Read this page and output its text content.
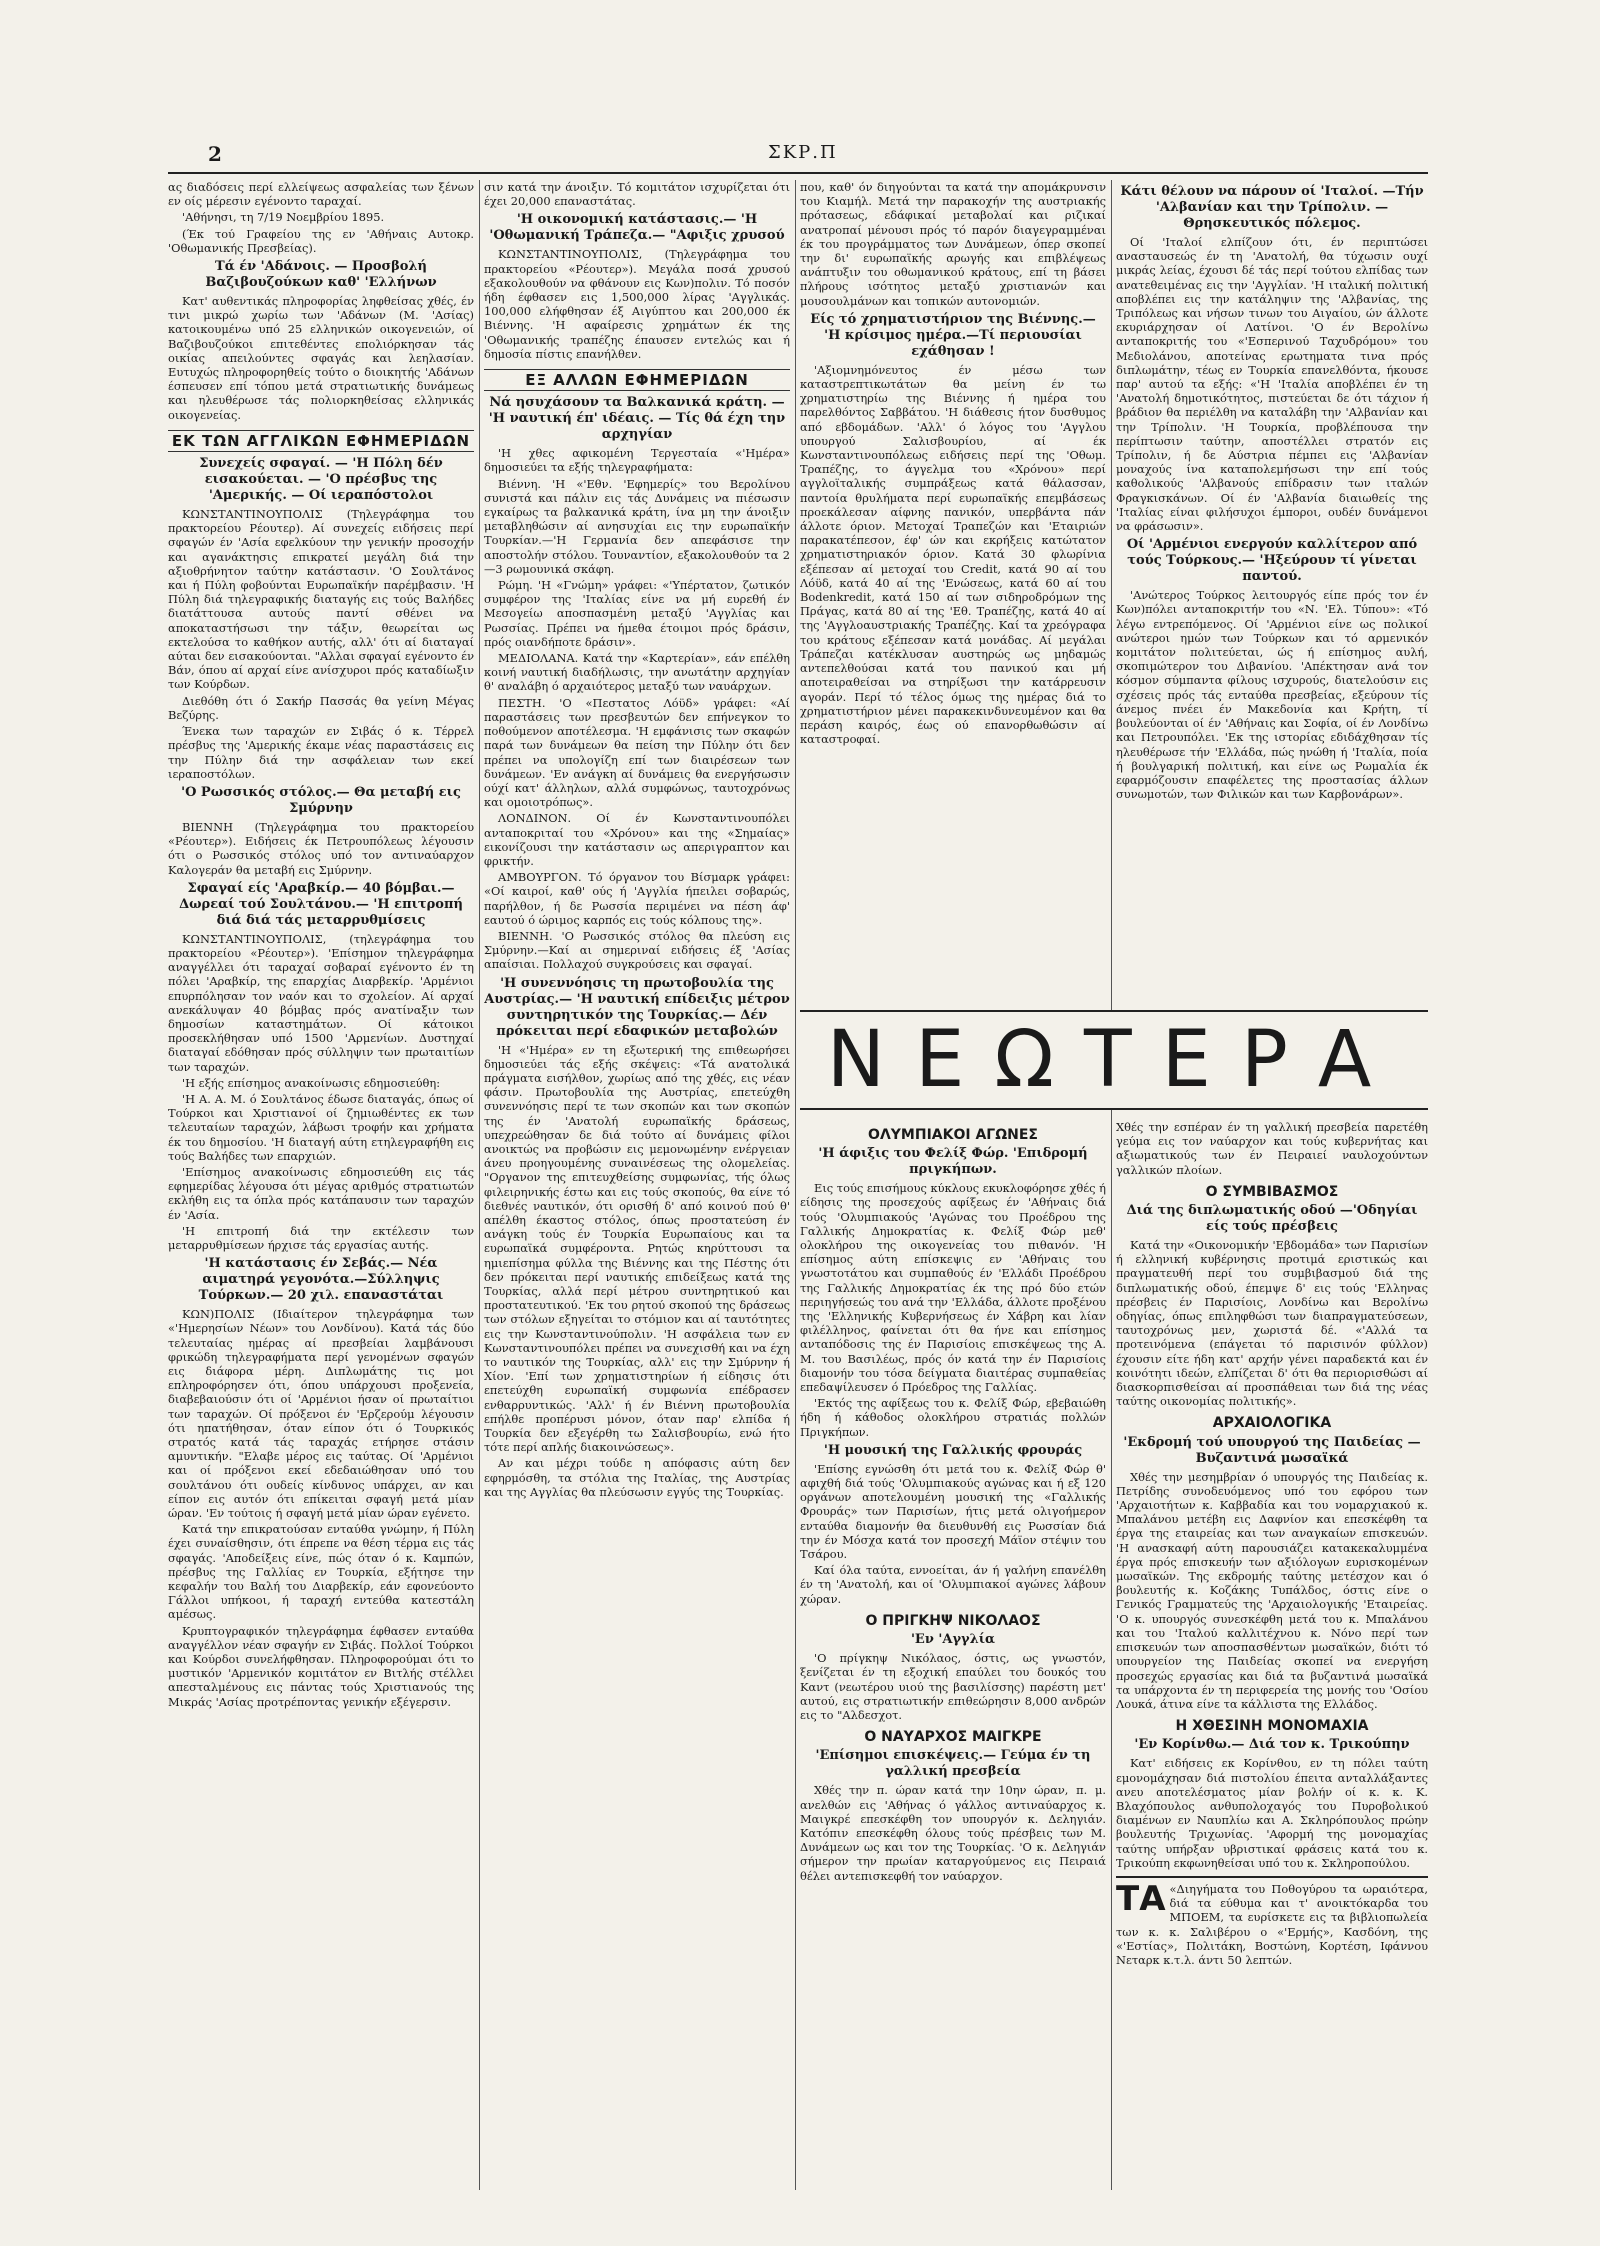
2	ΣΚΡ.Π

ας διαδόσεις περί ελλείψεως ασφαλείας των ξένων εν οίς μέρεσιν εγένοντο ταραχαί.

'Αθήνησι, τη 7/19 Νοεμβρίου 1895.

(Έκ τού Γραφείου της εν 'Αθήναις Αυτοκρ. 'Οθωμανικής Πρεσβείας).

Τά έν 'Αδάνοις. — Προσβολή Βαζιβουζούκων καθ' 'Ελλήνων

Κατ' αυθεντικάς πληροφορίας ληφθείσας χθές, έν τινι μικρώ χωρίω των 'Αδάνων (Μ. 'Ασίας) κατοικουμένω υπό 25 ελληνικών οικογενειών, οί Βαζιβουζούκοι επιτεθέντες επολιόρκησαν τάς οικίας απειλούντες σφαγάς και λεηλασίαν. Ευτυχώς πληροφορηθείς τούτο ο διοικητής 'Αδάνων έσπευσεν επί τόπου μετά στρατιωτικής δυνάμεως και ηλευθέρωσε τάς πολιορκηθείσας ελληνικάς οικογενείας.

ΕΚ ΤΩΝ ΑΓΓΛΙΚΩΝ ΕΦΗΜΕΡΙΔΩΝ
Συνεχείς σφαγαί. — 'Η Πόλη δέν εισακούεται. — 'Ο πρέσβυς της 'Αμερικής. — Οί ιεραπόστολοι

ΚΩΝΣΤΑΝΤΙΝΟΥΠΟΛΙΣ (Τηλεγράφημα του πρακτορείου Ρέουτερ). Αί συνεχείς ειδήσεις περί σφαγών έν 'Ασία εφελκύουν την γενικήν προσοχήν και αγανάκτησις επικρατεί μεγάλη διά την αξιοθρήνητον ταύτην κατάστασιν. 'Ο Σουλτάνος και ή Πύλη φοβούνται Ευρωπαϊκήν παρέμβασιν. 'Η Πύλη διά τηλεγραφικής διαταγής εις τούς Βαλήδες διατάττουσα αυτούς παντί σθένει να αποκαταστήσωσι την τάξιν, θεωρείται ως εκτελούσα το καθήκον αυτής, αλλ' ότι αί διαταγαί αύται δεν εισακούονται. "Αλλαι σφαγαί εγένοντο έν Βάν, όπου αί αρχαί είνε ανίσχυροι πρός καταδίωξιν των Κούρδων.

Διεθόθη ότι ό Σακήρ Πασσάς θα γείνη Μέγας Βεζύρης.

Ένεκα των ταραχών εν Σιβάς ό κ. Τέρρελ πρέσβυς της 'Αμερικής έκαμε νέας παραστάσεις εις την Πύλην διά την ασφάλειαν των εκεί ιεραποστόλων.

'Ο Ρωσσικός στόλος.— Θα μεταβή εις Σμύρνην

ΒΙΕΝΝΗ (Τηλεγράφημα του πρακτορείου «Ρέουτερ»). Ειδήσεις έκ Πετρουπόλεως λέγουσιν ότι ο Ρωσσικός στόλος υπό τον αντιναύαρχον Καλογεράν θα μεταβή εις Σμύρνην.

Σφαγαί είς 'Αραβκίρ.— 40 βόμβαι.—Δωρεαί τού Σουλτάνου.— 'Η επιτροπή διά διά τάς μεταρρυθμίσεις

ΚΩΝΣΤΑΝΤΙΝΟΥΠΟΛΙΣ, (τηλεγράφημα του πρακτορείου «Ρέουτερ»). 'Επίσημον τηλεγράφημα αναγγέλλει ότι ταραχαί σοβαραί εγένοντο έν τη πόλει 'Αραβκίρ, της επαρχίας Διαρβεκίρ. 'Αρμένιοι επυρπόλησαν τον ναόν και το σχολείον. Αί αρχαί ανεκάλυψαν 40 βόμβας πρός ανατίναξιν των δημοσίων καταστημάτων. Οί κάτοικοι προσεκλήθησαν υπό 1500 'Αρμενίων. Δυστηχαί διαταγαί εδόθησαν πρός σύλληψιν των πρωταιτίων των ταραχών.

'Η εξής επίσημος ανακοίνωσις εδημοσιεύθη:

'Η Α. Α. Μ. ό Σουλτάνος έδωσε διαταγάς, όπως οί Τούρκοι και Χριστιανοί οί ζημιωθέντες εκ των τελευταίων ταραχών, λάβωσι τροφήν και χρήματα έκ του δημοσίου. 'Η διαταγή αύτη ετηλεγραφήθη εις τούς Βαλήδες των επαρχιών.

'Επίσημος ανακοίνωσις εδημοσιεύθη εις τάς εφημερίδας λέγουσα ότι μέγας αριθμός στρατιωτών εκλήθη εις τα όπλα πρός κατάπαυσιν των ταραχών έν 'Ασία.

'Η επιτροπή διά την εκτέλεσιν των μεταρρυθμίσεων ήρχισε τάς εργασίας αυτής.

'Η κατάστασις έν Σεβάς.— Νέα αιματηρά γεγονότα.—Σύλληψις Τούρκων.— 20 χιλ. επαναστάται

ΚΩΝ)ΠΟΛΙΣ (Ιδιαίτερον τηλεγράφημα των «'Ημερησίων Νέων» του Λονδίνου). Κατά τάς δύο τελευταίας ημέρας αί πρεσβείαι λαμβάνουσι φρικώδη τηλεγραφήματα περί γενομένων σφαγών εις διάφορα μέρη. Διπλωμάτης τις μοι επληροφόρησεν ότι, όπου υπάρχουσι προξενεία, διαβεβαιούσιν ότι οί 'Αρμένιοι ήσαν οί πρωταίτιοι των ταραχών. Οί πρόξενοι έν 'Ερζερούμ λέγουσιν ότι ηπατήθησαν, όταν είπον ότι ό Τουρκικός στρατός κατά τάς ταραχάς ετήρησε στάσιν αμυντικήν. "Ελαβε μέρος εις ταύτας. Οί 'Αρμένιοι και οί πρόξενοι εκεί εδεδαιώθησαν υπό του σουλτάνου ότι ουδείς κίνδυνος υπάρχει, αν και είπον εις αυτόν ότι επίκειται σφαγή μετά μίαν ώραν. 'Εν τούτοις ή σφαγή μετά μίαν ώραν εγένετο.

Κατά την επικρατούσαν ενταύθα γνώμην, ή Πύλη έχει συναίσθησιν, ότι έπρεπε να θέση τέρμα εις τάς σφαγάς. 'Αποδείξεις είνε, πώς όταν ό κ. Καμπών, πρέσβυς της Γαλλίας εν Τουρκία, εξήτησε την κεφαλήν του Βαλή του Διαρβεκίρ, εάν εφονεύοντο Γάλλοι υπήκοοι, ή ταραχή εντεύθα κατεστάλη αμέσως.

Κρυπτογραφικόν τηλεγράφημα έφθασεν ενταύθα αναγγέλλον νέαν σφαγήν εν Σιβάς. Πολλοί Τούρκοι και Κούρδοι συνελήφθησαν. Πληροφορούμαι ότι το μυστικόν 'Αρμενικόν κομιτάτον εν Βιτλής στέλλει απεσταλμένους εις πάντας τούς Χριστιανούς της Μικράς 'Ασίας προτρέποντας γενικήν εξέγερσιν.

σιν κατά την άνοιξιν. Τό κομιτάτον ισχυρίζεται ότι έχει 20,000 επαναστάτας.

'Η οικονομική κατάστασις.— 'Η 'Οθωμανική Τράπεζα.— "Αφιξις χρυσού

ΚΩΝΣΤΑΝΤΙΝΟΥΠΟΛΙΣ, (Τηλεγράφημα του πρακτορείου «Ρέουτερ»). Μεγάλα ποσά χρυσού εξακολουθούν να φθάνουν εις Κων)πολιν. Τό ποσόν ήδη έφθασεν εις 1,500,000 λίρας 'Αγγλικάς. 100,000 ελήφθησαν έξ Αιγύπτου και 200,000 έκ Βιέννης. 'Η αφαίρεσις χρημάτων έκ της 'Οθωμανικής τραπέζης έπαυσεν εντελώς και ή δημοσία πίστις επανήλθεν.

ΕΞ ΑΛΛΩΝ ΕΦΗΜΕΡΙΔΩΝ
Νά ησυχάσουν τα Βαλκανικά κράτη. — 'Η ναυτική έπ' ιδέαις. — Τίς θά έχη την αρχηγίαν

'Η χθες αφικομένη Τεργεσταία «'Ημέρα» δημοσιεύει τα εξής τηλεγραφήματα:

Βιέννη. 'Η «'Εθν. 'Εφημερίς» του Βερολίνου συνιστά και πάλιν εις τάς Δυνάμεις να πιέσωσιν εγκαίρως τα βαλκανικά κράτη, ίνα μη την άνοιξιν μεταβληθώσιν αί ανησυχίαι εις την ευρωπαϊκήν Τουρκίαν.—'Η Γερμανία δεν απεφάσισε την αποστολήν στόλου. Τουναντίον, εξακολουθούν τα 2—3 ρωμουνικά σκάφη.

Ρώμη. 'Η «Γνώμη» γράφει: «'Υπέρτατον, ζωτικόν συμφέρον της 'Ιταλίας είνε να μή ευρεθή έν Μεσογείω αποσπασμένη μεταξύ 'Αγγλίας και Ρωσσίας. Πρέπει να ήμεθα έτοιμοι πρός δράσιν, πρός οιανδήποτε δράσιν».

ΜΕΔΙΟΛΑΝΑ. Κατά την «Καρτερίαν», εάν επέλθη κοινή ναυτική διαδήλωσις, την ανωτάτην αρχηγίαν θ' αναλάβη ό αρχαιότερος μεταξύ των ναυάρχων.

ΠΕΣΤΗ. 'Ο «Πεστατος Λόϋδ» γράφει: «Αί παραστάσεις των πρεσβευτών δεν επήνεγκον το ποθούμενον αποτέλεσμα. 'Η εμφάνισις των σκαφών παρά των δυνάμεων θα πείση την Πύλην ότι δεν πρέπει να υπολογίζη επί των διαιρέσεων των δυνάμεων. 'Εν ανάγκη αί δυνάμεις θα ενεργήσωσιν ούχί κατ' άλληλων, αλλά συμφώνως, ταυτοχρόνως και ομοιοτρόπως».

ΛΟΝΔΙΝΟΝ. Οί έν Κωνσταντινουπόλει ανταποκριταί του «Χρόνου» και της «Σημαίας» εικονίζουσι την κατάστασιν ως απεριγραπτον και φρικτήν.

ΑΜΒΟΥΡΓΟΝ. Τό όργανον του Βίσμαρκ γράφει: «Οί καιροί, καθ' ούς ή 'Αγγλία ήπειλει σοβαρώς, παρήλθον, ή δε Ρωσσία περιμένει να πέση άφ' εαυτού ό ώριμος καρπός εις τούς κόλπους της».

ΒΙΕΝΝΗ. 'Ο Ρωσσικός στόλος θα πλεύση εις Σμύρνην.—Καί αι σημεριναί ειδήσεις έξ 'Ασίας απαίσιαι. Πολλαχού συγκρούσεις και σφαγαί.

'Η συνεννόησις τη πρωτοβουλία της Αυστρίας.— 'Η ναυτική επίδειξις μέτρον συντηρητικόν της Τουρκίας.— Δέν πρόκειται περί εδαφικών μεταβολών

'Η «'Ημέρα» εν τη εξωτερική της επιθεωρήσει δημοσιεύει τάς εξής σκέψεις: «Τά ανατολικά πράγματα εισήλθον, χωρίως από της χθές, εις νέαν φάσιν. Πρωτοβουλία της Αυστρίας, επετεύχθη συνεννόησις περί τε των σκοπών και των σκοπών της έν 'Ανατολή ευρωπαϊκής δράσεως, υπεχρεώθησαν δε διά τούτο αί δυνάμεις φίλοι ανοικτώς να προβώσιν εις μεμονωμένην ενέργειαν άνευ προηγουμένης συναινέσεως της ολομελείας. "Οργανον της επιτευχθείσης συμφωνίας, τής όλως φιλειρηνικής έστω και εις τούς σκοπούς, θα είνε τό διεθνές ναυτικόν, ότι ορισθή δ' από κοινού πού θ' απέλθη έκαστος στόλος, όπως προστατεύση έν ανάγκη τούς έν Τουρκία Ευρωπαίους και τα ευρωπαϊκά συμφέροντα. Ρητώς κηρύττουσι τα ημιεπίσημα φύλλα της Βιέννης και της Πέστης ότι δεν πρόκειται περί ναυτικής επιδείξεως κατά της Τουρκίας, αλλά περί μέτρου συντηρητικού και προστατευτικού. 'Εκ του ρητού σκοπού της δράσεως των στόλων εξηγείται το στόμιον και αί ταυτότητες εις την Κωνσταντινούπολιν. 'Η ασφάλεια των εν Κωνσταντινουπόλει πρέπει να συνεχισθή και να έχη το ναυτικόν της Τουρκίας, αλλ' εις την Σμύρνην ή Χίον. 'Επί των χρηματιστηρίων ή είδησις ότι επετεύχθη ευρωπαϊκή συμφωνία επέδρασεν ενθαρρυντικώς. 'Αλλ' ή έν Βιέννη πρωτοβουλία επήλθε προπέρυσι μόνον, όταν παρ' ελπίδα ή Τουρκία δεν εξεγέρθη τω Σαλισβουρίω, ενώ ήτο τότε περί απλής διακοινώσεως».

Αν και μέχρι τούδε η απόφασις αύτη δεν εφηρμόσθη, τα στόλια της Ιταλίας, της Αυστρίας και της Αγγλίας θα πλεύσωσιν εγγύς της Τουρκίας.

που, καθ' όν διηγούνται τα κατά την απομάκρυνσιν του Κιαμήλ. Μετά την παρακοχήν της αυστριακής πρότασεως, εδάφικαί μεταβολαί και ριζικαί ανατροπαί μένουσι πρός τό παρόν διαγεγραμμέναι έκ του προγράμματος των Δυνάμεων, όπερ σκοπεί την δι' ευρωπαϊκής αρωγής και επιβλέψεως ανάπτυξιν του οθωμανικού κράτους, επί τη βάσει πλήρους ισότητος μεταξύ χριστιανών και μουσουλμάνων και τοπικών αυτονομιών.

Είς τό χρηματιστήριον της Βιέννης.— 'Η κρίσιμος ημέρα.—Τί περιουσίαι εχάθησαν !

'Αξιομνημόνευτος έν μέσω των καταστρεπτικωτάτων θα μείνη έν τω χρηματιστηρίω της Βιέννης ή ημέρα του παρελθόντος Σαββάτου. 'Η διάθεσις ήτον δυσθυμος από εβδομάδων. 'Αλλ' ό λόγος του 'Αγγλου υπουργού Σαλισβουρίου, αί έκ Κωνσταντινουπόλεως ειδήσεις περί της 'Οθωμ. Τραπέζης, το άγγελμα του «Χρόνου» περί αγγλοϊταλικής συμπράξεως κατά θάλασσαν, παντοία θρυλήματα περί ευρωπαϊκής επεμβάσεως προεκάλεσαν αίφνης πανικόν, υπερβάντα πάν άλλοτε όριον. Μετοχαί Τραπεζών και 'Εταιριών παρακατέπεσον, έφ' ών και εκρήξεις κατώτατον χρηματιστηριακόν όριον. Κατά 30 φλωρίνια εξέπεσαν αί μετοχαί του Credit, κατά 90 αί του Λόϋδ, κατά 40 αί της 'Ενώσεως, κατά 60 αί του Bodenkredit, κατά 150 αί των σιδηροδρόμων της Πράγας, κατά 80 αί της 'Εθ. Τραπέζης, κατά 40 αί της 'Αγγλοαυστριακής Τραπέζης. Καί τα χρεόγραφα του κράτους εξέπεσαν κατά μονάδας. Αί μεγάλαι Τράπεζαι κατέκλυσαν αυστηρώς ως μηδαμώς αντεπελθούσαι κατά του πανικού και μή αποτειραθείσαι να στηρίξωσι την κατάρρευσιν αγοράν. Περί τό τέλος όμως της ημέρας διά το χρηματιστήριον μένει παρακεκινδυνευμένον και θα περάση καιρός, έως ού επανορθωθώσιν αί καταστροφαί.

ΝΕΩΤΕΡΑ
ΟΛΥΜΠΙΑΚΟΙ ΑΓΩΝΕΣ
'Η άφιξις του Φελίξ Φώρ. 'Επιδρομή πριγκήπων.

Εις τούς επισήμους κύκλους εκυκλοφόρησε χθές ή είδησις της προσεχούς αφίξεως έν 'Αθήναις διά τούς 'Ολυμπιακούς 'Αγώνας του Προέδρου της Γαλλικής Δημοκρατίας κ. Φελίξ Φώρ μεθ' ολοκλήρου της οικογενείας του πιθανόν. 'Η επίσημος αύτη επίσκεψις εν 'Αθήναις του γνωστοτάτου και συμπαθούς έν 'Ελλάδι Προέδρου της Γαλλικής Δημοκρατίας έκ της πρό δύο ετών περιηγήσεώς του ανά την 'Ελλάδα, άλλοτε προξένου της 'Ελληνικής Κυβερνήσεως έν Χάβρη και λίαν φιλέλληνος, φαίνεται ότι θα ήνε και επίσημος ανταπόδοσις της έν Παρισίοις επισκέψεως της Α. Μ. του Βασιλέως, πρός όν κατά την έν Παρισίοις διαμονήν του τόσα δείγματα διαιτέρας συμπαθείας επεδαψίλευσεν ό Πρόεδρος της Γαλλίας.

'Εκτός της αφίξεως του κ. Φελίξ Φώρ, εβεβαιώθη ήδη ή κάθοδος ολοκλήρου στρατιάς πολλών Πριγκήπων.

'Η μουσική της Γαλλικής φρουράς

'Επίσης εγνώσθη ότι μετά του κ. Φελίξ Φώρ θ' αφιχθή διά τούς 'Ολυμπιακούς αγώνας και ή εξ 120 οργάνων αποτελουμένη μουσική της «Γαλλικής Φρουράς» των Παρισίων, ήτις μετά ολιγοήμερον ενταύθα διαμονήν θα διευθυνθή εις Ρωσσίαν διά την έν Μόσχα κατά τον προσεχή Μάϊον στέψιν του Τσάρου.

Καί όλα ταύτα, εννοείται, άν ή γαλήνη επανέλθη έν τη 'Ανατολή, και οί 'Ολυμπιακοί αγώνες λάβουν χώραν.

Ο ΠΡΙΓΚΗΨ ΝΙΚΟΛΑΟΣ
'Εν 'Αγγλία

'Ο πρίγκηψ Νικόλαος, όστις, ως γνωστόν, ξενίζεται έν τη εξοχική επαύλει του δουκός του Καντ (νεωτέρου υιού της βασιλίσσης) παρέστη μετ' αυτού, εις στρατιωτικήν επιθεώρησιν 8,000 ανδρών εις το "Αλδεσχοτ.

Ο ΝΑΥΑΡΧΟΣ ΜΑΙΓΚΡΕ
'Επίσημοι επισκέψεις.— Γεύμα έν τη γαλλική πρεσβεία

Χθές την π. ώραν κατά την 10ην ώραν, π. μ. ανελθών εις 'Αθήνας ό γάλλος αντιναύαρχος κ. Μαιγκρέ επεσκέφθη τον υπουργόν κ. Δεληγιάν. Κατόπιν επεσκέφθη όλους τούς πρέσβεις των Μ. Δυνάμεων ως και τον της Τουρκίας. 'Ο κ. Δεληγιάν σήμερον την πρωίαν καταργούμενος εις Πειραιά θέλει αντεπισκεφθή τον ναύαρχον.

Κάτι θέλουν να πάρουν οί 'Ιταλοί. —Τήν 'Αλβανίαν και την Τρίπολιν. — Θρησκευτικός πόλεμος.

Οί 'Ιταλοί ελπίζουν ότι, έν περιπτώσει ανασταυσεώς έν τη 'Ανατολή, θα τύχωσιν ουχί μικράς λείας, έχουσι δέ τάς περί τούτου ελπίδας των ανατεθειμένας εις την 'Αγγλίαν. 'Η ιταλική πολιτική αποβλέπει εις την κατάληψιν της 'Αλβανίας, της Τριπόλεως και νήσων τινων του Αιγαίου, ών άλλοτε εκυριάρχησαν οί Λατίνοι. 'Ο έν Βερολίνω ανταποκριτής του «'Εσπερινού Ταχυδρόμου» του Μεδιολάνου, αποτείνας ερωτηματα τινα πρός διπλωμάτην, τέως εν Τουρκία επανελθόντα, ήκουσε παρ' αυτού τα εξής: «'Η 'Ιταλία αποβλέπει έν τη 'Ανατολή δημοτικότητος, πιστεύεται δε ότι τάχιον ή βράδιον θα περιέλθη να καταλάβη την 'Αλβανίαν και την Τρίπολιν. 'Η Τουρκία, προβλέπουσα την περίπτωσιν ταύτην, αποστέλλει στρατόν εις Τρίπολιν, ή δε Αύστρια πέμπει εις 'Αλβανίαν μοναχούς ίνα καταπολεμήσωσι την επί τούς καθολικούς 'Αλβανούς επίδρασιν των ιταλών Φραγκισκάνων. Οί έν 'Αλβανία διαιωθείς της 'Ιταλίας είναι φιλήσυχοι έμποροι, ουδέν δυνάμενοι να φράσωσιν».

Οί 'Αρμένιοι ενεργούν καλλίτερον από τούς Τούρκους.— 'Ηξεύρουν τί γίνεται παντού.

'Ανώτερος Τούρκος λειτουργός είπε πρός τον έν Κων)πόλει ανταποκριτήν του «Ν. 'Ελ. Τύπου»: «Τό λέγω εντρεπόμενος. Οί 'Αρμένιοι είνε ως πολικοί ανώτεροι ημών των Τούρκων και τό αρμενικόν κομιτάτον πολιτεύεται, ώς ή επίσημος αυλή, σκοπιμώτερον του Διβανίου. 'Απέκτησαν ανά τον κόσμον σύμπαντα φίλους ισχυρούς, διατελούσιν εις σχέσεις πρός τάς ενταύθα πρεσβείας, εξεύρουν τίς άνεμος πνέει έν Μακεδονία και Κρήτη, τί βουλεύονται οί έν 'Αθήναις και Σοφία, οί έν Λονδίνω και Πετρουπόλει. 'Εκ της ιστορίας εδιδάχθησαν τίς ηλευθέρωσε τήν 'Ελλάδα, πώς ηνώθη ή 'Ιταλία, ποία ή βουλγαρική πολιτική, και είνε ως Ρωμαλία έκ εφαρμόζουσιν επαφέλετες της προστασίας άλλων συνωμοτών, των Φιλικών και των Καρβονάρων».

Χθές την εσπέραν έν τη γαλλική πρεσβεία παρετέθη γεύμα εις τον ναύαρχον και τούς κυβερνήτας και αξιωματικούς των έν Πειραιεί ναυλοχούντων γαλλικών πλοίων.

Ο ΣΥΜΒΙΒΑΣΜΟΣ
Διά της διπλωματικής οδού —'Οδηγίαι είς τούς πρέσβεις

Κατά την «Οικονομικήν 'Εβδομάδα» των Παρισίων ή ελληνική κυβέρνησις προτιμά εριστικώς και πραγματευθή περί του συμβιβασμού διά της διπλωματικής οδού, έπεμψε δ' εις τούς 'Ελληνας πρέσβεις έν Παρισίοις, Λονδίνω και Βερολίνω οδηγίας, όπως επιληφθώσι των διαπραγματεύσεων, ταυτοχρόνως μεν, χωριστά δέ. «'Αλλά τα προτεινόμενα (επάγεται τό παρισινόν φύλλον) έχουσιν είτε ήδη κατ' αρχήν γένει παραδεκτά και έν κοινότητι ιδεών, ελπίζεται δ' ότι θα περιορισθώσι αί διασκορπισθείσαι αί προσπάθειαι των διά της νέας ταύτης οικονομίας πολιτικής».

ΑΡΧΑΙΟΛΟΓΙΚΑ
'Εκδρομή τού υπουργού της Παιδείας —Βυζαντινά μωσαϊκά

Χθές την μεσημβρίαν ό υπουργός της Παιδείας κ. Πετρίδης συνοδευόμενος υπό του εφόρου των 'Αρχαιοτήτων κ. Καββαδία και του νομαρχιακού κ. Μπαλάνου μετέβη εις Δαφνίον και επεσκέφθη τα έργα της εταιρείας και των αναγκαίων επισκευών. 'Η ανασκαφή αύτη παρουσιάζει κατακεκαλυμμένα έργα πρός επισκευήν των αξιόλογων ευρισκομένων μωσαϊκών. Της εκδρομής ταύτης μετέσχον και ό βουλευτής κ. Κοζάκης Τυπάλδος, όστις είνε ο Γενικός Γραμματεύς της 'Αρχαιολογικής 'Εταιρείας. 'Ο κ. υπουργός συνεσκέφθη μετά του κ. Μπαλάνου και του 'Ιταλού καλλιτέχνου κ. Νόνο περί των επισκευών των αποσπασθέντων μωσαϊκών, διότι τό υπουργείον της Παιδείας σκοπεί να ενεργήση προσεχώς εργασίας και διά τα βυζαντινά μωσαϊκά τα υπάρχοντα έν τη περιφερεία της μονής του 'Οσίου Λουκά, άτινα είνε τα κάλλιστα της Ελλάδος.

Η ΧΘΕΣΙΝΗ ΜΟΝΟΜΑΧΙΑ
'Εν Κορίνθω.— Διά τον κ. Τρικούπην

Κατ' ειδήσεις εκ Κορίνθου, εν τη πόλει ταύτη εμονομάχησαν διά πιστολίου έπειτα ανταλλάξαντες ανευ αποτελέσματος μίαν βολήν οί κ. κ. Κ. Βλαχόπουλος ανθυπολοχαγός του Πυροβολικού διαμένων εν Ναυπλίω και Α. Σκληρόπουλος πρώην βουλευτής Τριχωνίας. 'Αφορμή της μονομαχίας ταύτης υπήρξαν υβριστικαί φράσεις κατά του κ. Τρικούπη εκφωνηθείσαι υπό του κ. Σκληροπούλου.

ΤΑ «Διηγήματα του Ποθογύρου τα ωραιότερα, διά τα εύθυμα και τ' ανοικτόκαρδα του ΜΠΟΕΜ, τα ευρίσκετε εις τα βιβλιοπωλεία των κ. κ. Σαλιβέρου ο «'Ερμής», Κασδόνη, της «'Εστίας», Πολιτάκη, Βοστώνη, Κορτέση, Ιφάννου Νεταρκ κ.τ.λ. άντι 50 λεπτών.
